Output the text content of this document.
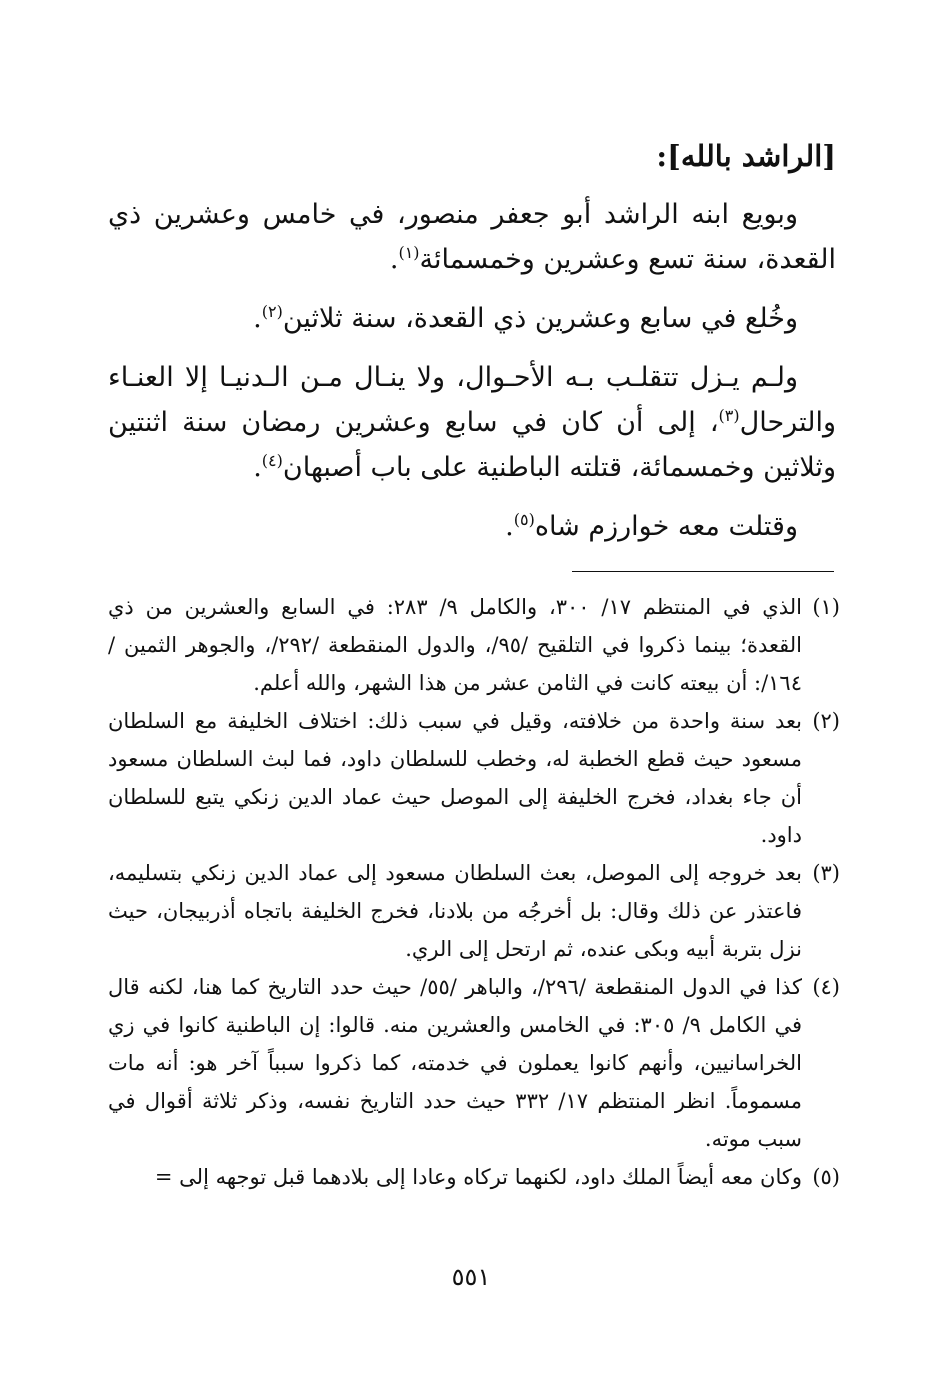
[الراشد بالله]:

وبويع ابنه الراشد أبو جعفر منصور، في خامس وعشرين ذي القعدة، سنة تسع وعشرين وخمسمائة$^{(١)}$.

وخُلع في سابع وعشرين ذي القعدة، سنة ثلاثين$^{(٢)}$.

ولـم يـزل تتقلـب بـه الأحـوال، ولا ينـال مـن الـدنيـا إلا العنـاء والترحال$^{(٣)}$، إلى أن كان في سابع وعشرين رمضان سنة اثنتين وثلاثين وخمسمائة، قتلته الباطنية على باب أصبهان$^{(٤)}$.

وقتلت معه خوارزم شاه$^{(٥)}$.

(١)
الذي في المنتظم ١٧/ ٣٠٠، والكامل ٩/ ٢٨٣: في السابع والعشرين من ذي القعدة؛ بينما ذكروا في التلقيح /٩٥/، والدول المنقطعة /٢٩٢/، والجوهر الثمين /١٦٤/: أن بيعته كانت في الثامن عشر من هذا الشهر، والله أعلم.

(٢)
بعد سنة واحدة من خلافته، وقيل في سبب ذلك: اختلاف الخليفة مع السلطان مسعود حيث قطع الخطبة له، وخطب للسلطان داود، فما لبث السلطان مسعود أن جاء بغداد، فخرج الخليفة إلى الموصل حيث عماد الدين زنكي يتبع للسلطان داود.

(٣)
بعد خروجه إلى الموصل، بعث السلطان مسعود إلى عماد الدين زنكي بتسليمه، فاعتذر عن ذلك وقال: بل أخرجُه من بلادنا، فخرج الخليفة باتجاه أذربيجان، حيث نزل بتربة أبيه وبكى عنده، ثم ارتحل إلى الري.

(٤)
كذا في الدول المنقطعة /٢٩٦/، والباهر /٥٥/ حيث حدد التاريخ كما هنا، لكنه قال في الكامل ٩/ ٣٠٥: في الخامس والعشرين منه. قالوا: إن الباطنية كانوا في زي الخراسانيين، وأنهم كانوا يعملون في خدمته، كما ذكروا سبباً آخر هو: أنه مات مسموماً. انظر المنتظم ١٧/ ٣٣٢ حيث حدد التاريخ نفسه، وذكر ثلاثة أقوال في سبب موته.

(٥)
وكان معه أيضاً الملك داود، لكنهما تركاه وعادا إلى بلادهما قبل توجهه إلى =

٥٥١
